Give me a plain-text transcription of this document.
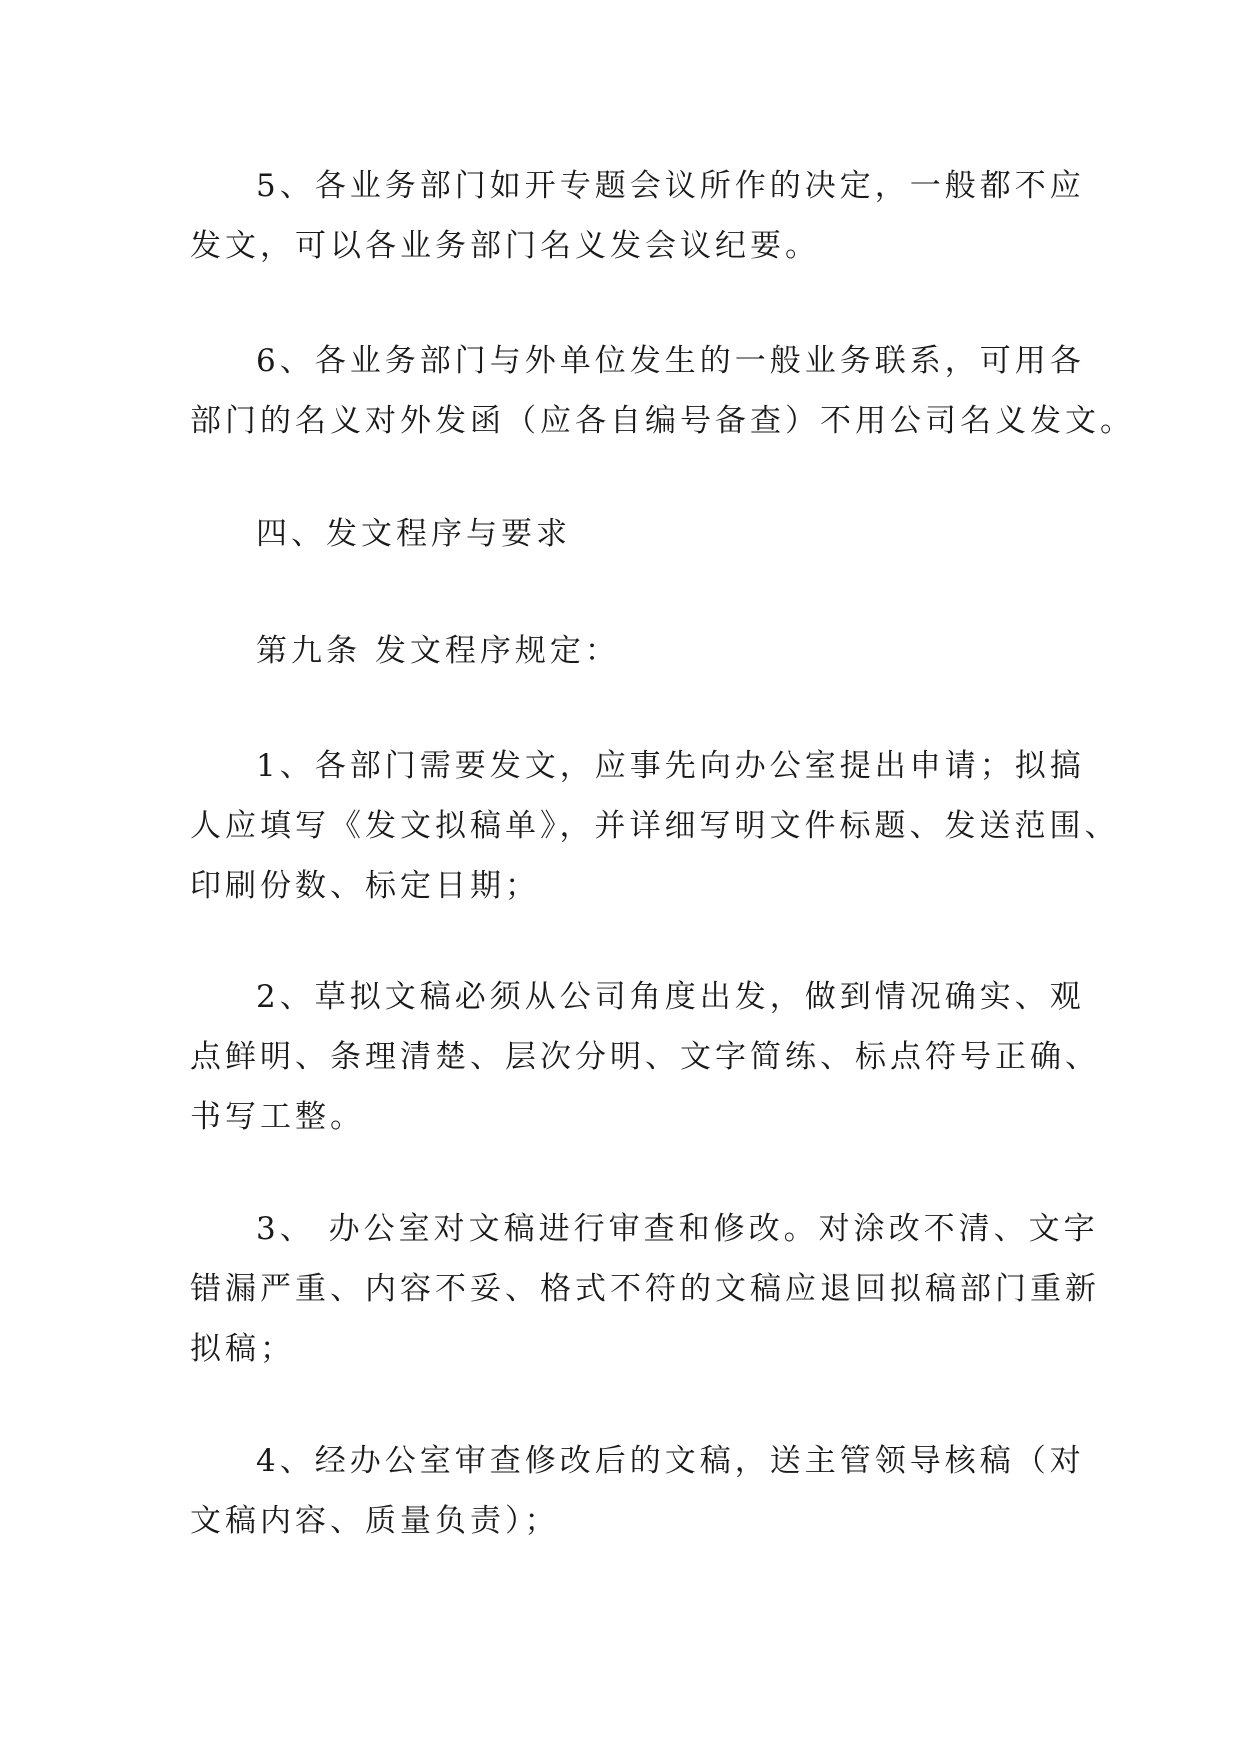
5、各业务部门如开专题会议所作的决定，一般都不应
发文，可以各业务部门名义发会议纪要。

6、各业务部门与外单位发生的一般业务联系，可用各
部门的名义对外发函（应各自编号备查）不用公司名义发文。

四、发文程序与要求

第九条 发文程序规定：

1、各部门需要发文，应事先向办公室提出申请；拟搞
人应填写《发文拟稿单》，并详细写明文件标题、发送范围、
印刷份数、标定日期；

2、草拟文稿必须从公司角度出发，做到情况确实、观
点鲜明、条理清楚、层次分明、文字简练、标点符号正确、
书写工整。

3、 办公室对文稿进行审查和修改。对涂改不清、文字
错漏严重、内容不妥、格式不符的文稿应退回拟稿部门重新
拟稿；

4、经办公室审查修改后的文稿，送主管领导核稿（对
文稿内容、质量负责）；
